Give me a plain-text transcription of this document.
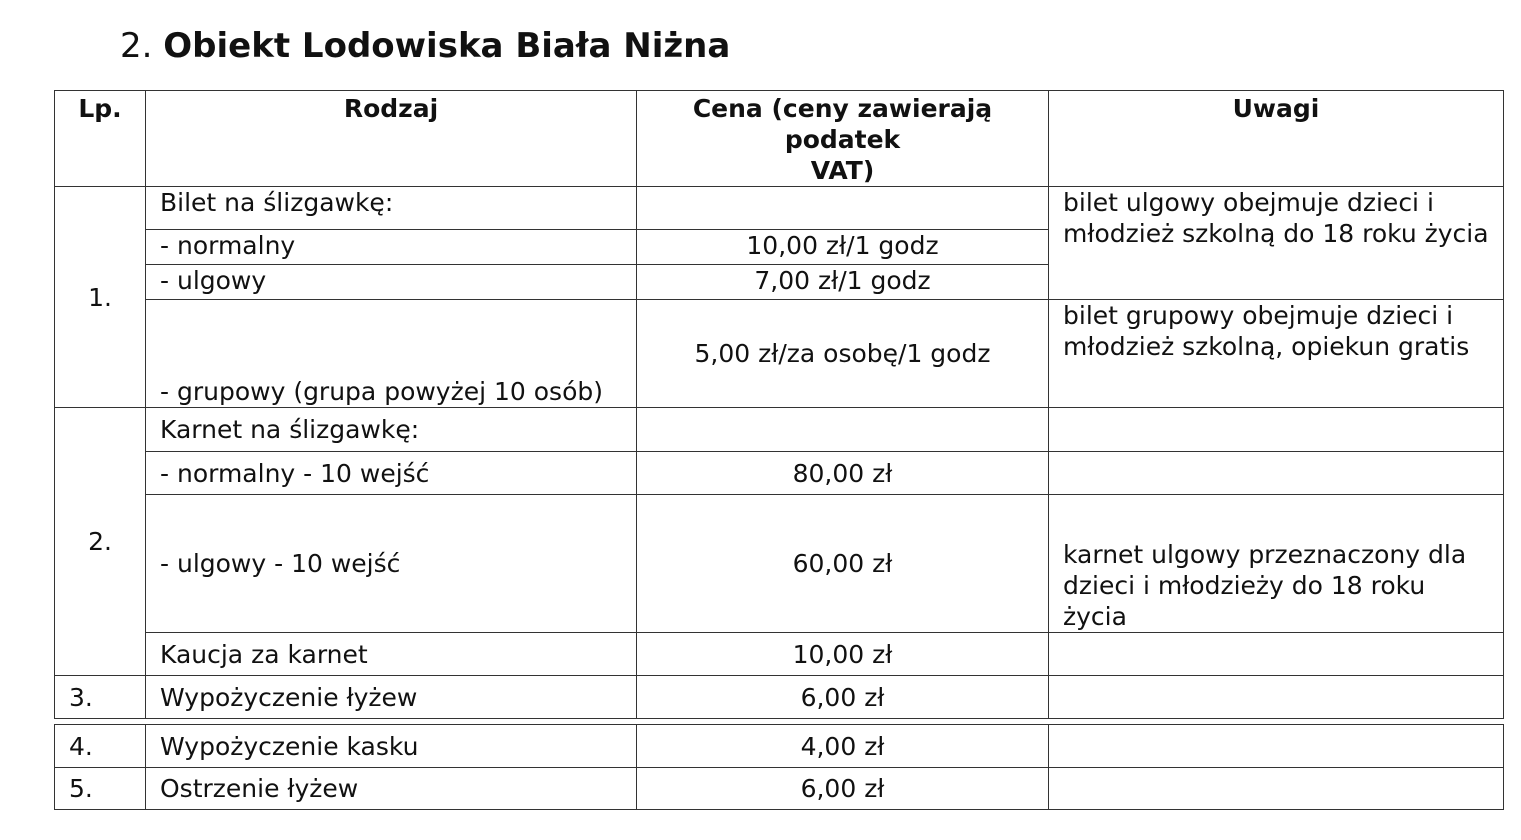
2. Obiekt Lodowiska Biała Niżna
Lp.	Rodzaj	Cena (ceny zawierają
podatek
VAT)	Uwagi
1.	Bilet na ślizgawkę:		bilet ulgowy obejmuje dzieci i młodzież szkolną do 18 roku życia
	- normalny	10,00 zł/1 godz	
	- ulgowy	7,00 zł/1 godz	
	- grupowy (grupa powyżej 10 osób)	5,00 zł/za osobę/1 godz	bilet grupowy obejmuje dzieci i młodzież szkolną, opiekun gratis
2.	Karnet na ślizgawkę:		
	- normalny - 10 wejść	80,00 zł	
	- ulgowy - 10 wejść	60,00 zł	karnet ulgowy przeznaczony dla dzieci i młodzieży do 18 roku życia
	Kaucja za karnet	10,00 zł	
3.	Wypożyczenie łyżew	6,00 zł	
4.	Wypożyczenie kasku	4,00 zł	
5.	Ostrzenie łyżew	6,00 zł	
